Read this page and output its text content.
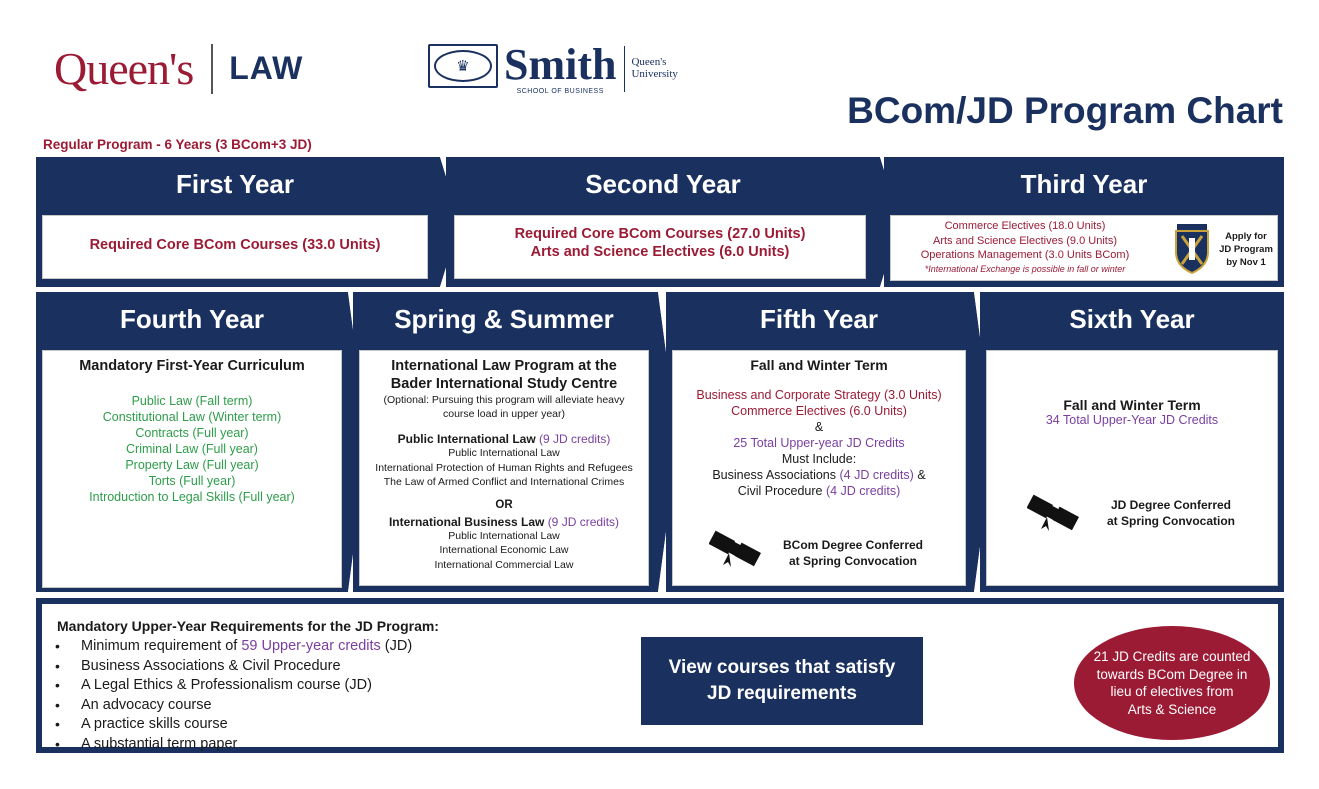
Queen's LAW	♛ Smith
SCHOOL OF BUSINESS
Queen's
University
BCom/JD Program Chart
Regular Program - 6 Years (3 BCom+3 JD)
First Year
Required Core BCom Courses (33.0 Units)
Second Year
Required Core BCom Courses (27.0 Units)
Arts and Science Electives (6.0 Units)
Third Year
Commerce Electives (18.0 Units)
Arts and Science Electives (9.0 Units)
Operations Management (3.0 Units BCom)
*International Exchange is possible in fall or winter
Apply for
JD Program
by Nov 1
Fourth Year
Mandatory First-Year Curriculum
Public Law (Fall term)
Constitutional Law (Winter term)
Contracts (Full year)
Criminal Law (Full year)
Property Law (Full year)
Torts (Full year)
Introduction to Legal Skills (Full year)
Spring & Summer
International Law Program at the
Bader International Study Centre
(Optional: Pursuing this program will alleviate heavy
course load in upper year)
Public International Law (9 JD credits)
Public International Law
International Protection of Human Rights and Refugees
The Law of Armed Conflict and International Crimes
OR
International Business Law (9 JD credits)
Public International Law
International Economic Law
International Commercial Law
Fifth Year
Fall and Winter Term
Business and Corporate Strategy (3.0 Units)
Commerce Electives (6.0 Units)
&
25 Total Upper-year JD Credits
Must Include:
Business Associations (4 JD credits) &
Civil Procedure (4 JD credits)
BCom Degree Conferred
at Spring Convocation
Sixth Year
Fall and Winter Term
34 Total Upper-Year JD Credits
JD Degree Conferred
at Spring Convocation
Mandatory Upper-Year Requirements for the JD Program:
•	Minimum requirement of 59 Upper-year credits (JD)
•	Business Associations & Civil Procedure
•	A Legal Ethics & Professionalism course (JD)
•	An advocacy course
•	A practice skills course
•	A substantial term paper
View courses that satisfy
JD requirements
21 JD Credits are counted
towards BCom Degree in
lieu of electives from
Arts & Science
